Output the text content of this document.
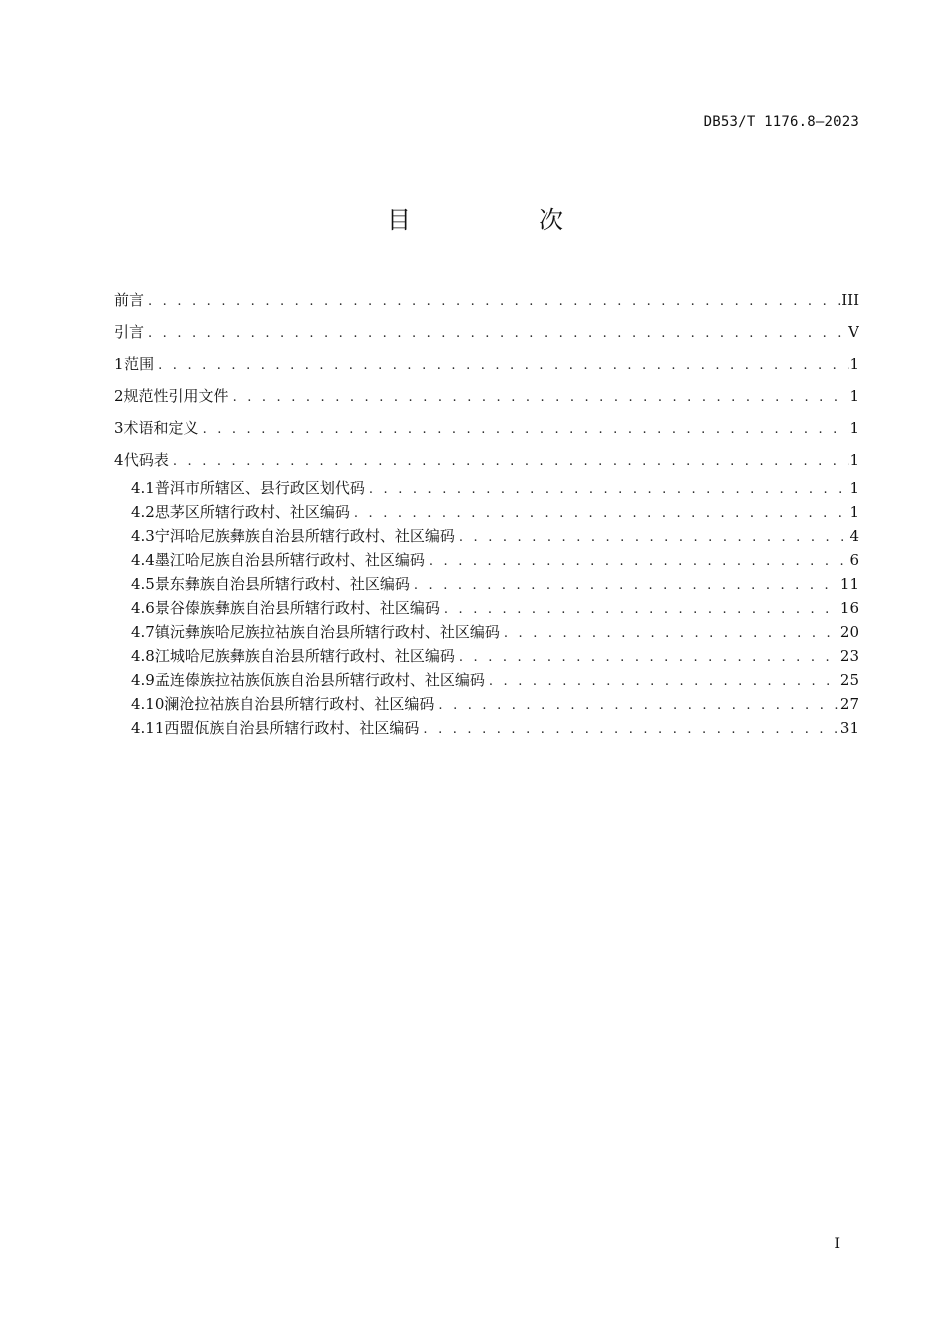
DB53/T 1176.8—2023
目　次
前言 . . .	III
引言 . . .	V
1 范围 . . .	1
2 规范性引用文件 . . .	1
3 术语和定义 . . .	1
4 代码表 . . .	1
4.1 普洱市所辖区、县行政区划代码 . . .	1
4.2 思茅区所辖行政村、社区编码 . . .	1
4.3 宁洱哈尼族彝族自治县所辖行政村、社区编码 . . .	4
4.4 墨江哈尼族自治县所辖行政村、社区编码 . . .	6
4.5 景东彝族自治县所辖行政村、社区编码 . . .	11
4.6 景谷傣族彝族自治县所辖行政村、社区编码 . . .	16
4.7 镇沅彝族哈尼族拉祜族自治县所辖行政村、社区编码 . . .	20
4.8 江城哈尼族彝族自治县所辖行政村、社区编码 . . .	23
4.9 孟连傣族拉祜族佤族自治县所辖行政村、社区编码 . . .	25
4.10 澜沧拉祜族自治县所辖行政村、社区编码 . . .	27
4.11 西盟佤族自治县所辖行政村、社区编码 . . .	31
I
